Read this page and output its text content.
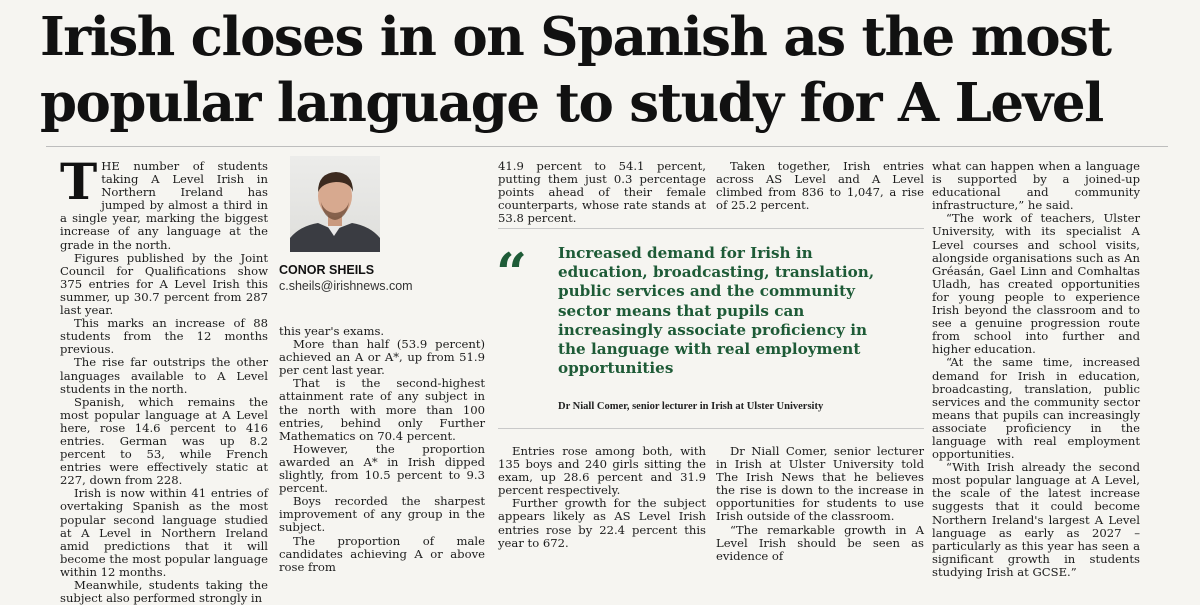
Irish closes in on Spanish as the most
popular language to study for A Level

THE number of students taking A Level Irish in Northern Ireland has jumped by almost a third in a single year, marking the biggest increase of any language at the grade in the north.

Figures published by the Joint Council for Qualifications show 375 entries for A Level Irish this summer, up 30.7 percent from 287 last year.

This marks an increase of 88 students from the 12 months previous.

The rise far outstrips the other languages available to A Level students in the north.

Spanish, which remains the most popular language at A Level here, rose 14.6 percent to 416 entries. German was up 8.2 percent to 53, while French entries were effectively static at 227, down from 228.

Irish is now within 41 entries of overtaking Spanish as the most popular second language studied at A Level in Northern Ireland amid predictions that it will become the most popular language within 12 months.

Meanwhile, students taking the subject also performed strongly in

CONOR SHEILS
c.sheils@irishnews.com

this year's exams.

More than half (53.9 percent) achieved an A or A*, up from 51.9 per cent last year.

That is the second-highest attainment rate of any subject in the north with more than 100 entries, behind only Further Mathematics on 70.4 percent.

However, the proportion awarded an A* in Irish dipped slightly, from 10.5 percent to 9.3 percent.

Boys recorded the sharpest improvement of any group in the subject.

The proportion of male candidates achieving A or above rose from

41.9 percent to 54.1 percent, putting them just 0.3 percentage points ahead of their female counterparts, whose rate stands at 53.8 percent.

Taken together, Irish entries across AS Level and A Level climbed from 836 to 1,047, a rise of 25.2 percent.

“	Increased demand for Irish in education, broadcasting, translation, public services and the community sector means that pupils can increasingly associate proficiency in the language with real employment opportunities
Dr Niall Comer, senior lecturer in Irish at Ulster University

Entries rose among both, with 135 boys and 240 girls sitting the exam, up 28.6 percent and 31.9 percent respectively.

Further growth for the subject appears likely as AS Level Irish entries rose by 22.4 percent this year to 672.

Dr Niall Comer, senior lecturer in Irish at Ulster University told The Irish News that he believes the rise is down to the increase in opportunities for students to use Irish outside of the classroom.

“The remarkable growth in A Level Irish should be seen as evidence of

what can happen when a language is supported by a joined-up educational and community infrastructure,” he said.

“The work of teachers, Ulster University, with its specialist A Level courses and school visits, alongside organisations such as An Gréasán, Gael Linn and Comhaltas Uladh, has created opportunities for young people to experience Irish beyond the classroom and to see a genuine progression route from school into further and higher education.

“At the same time, increased demand for Irish in education, broadcasting, translation, public services and the community sector means that pupils can increasingly associate proficiency in the language with real employment opportunities.

“With Irish already the second most popular language at A Level, the scale of the latest increase suggests that it could become Northern Ireland's largest A Level language as early as 2027 – particularly as this year has seen a significant growth in students studying Irish at GCSE.”
